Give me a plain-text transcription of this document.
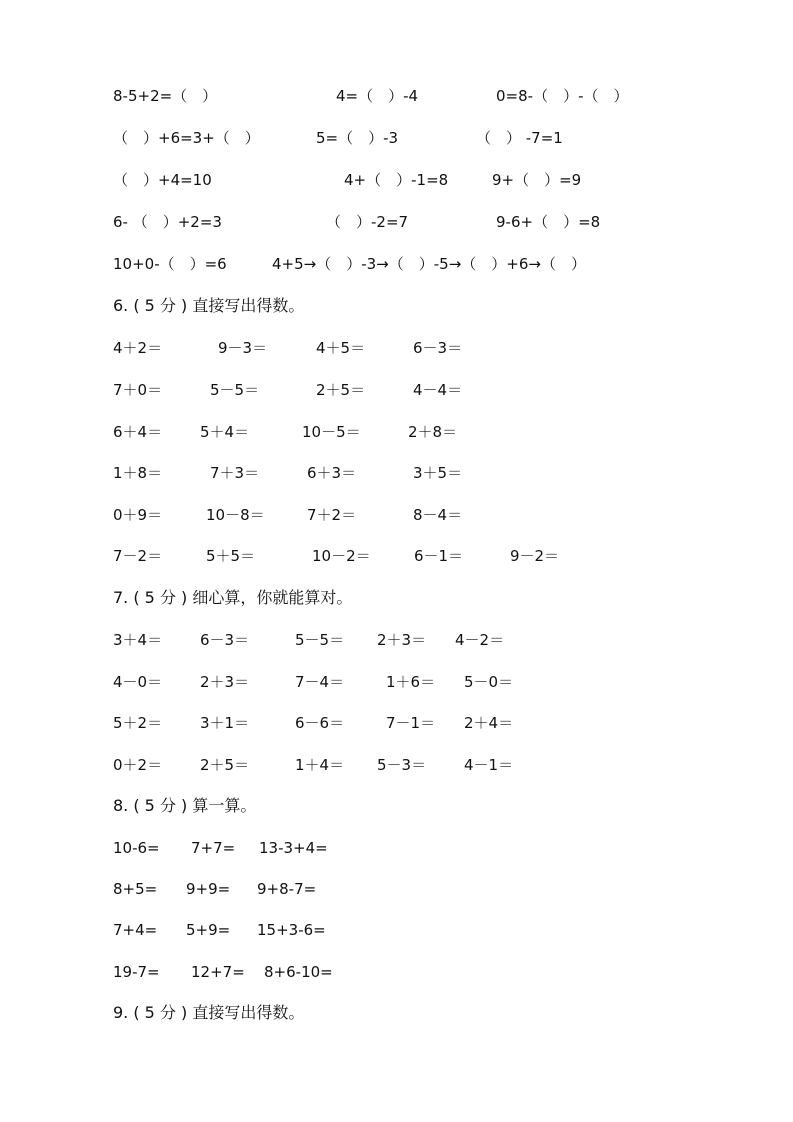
8-5+2=（　）	4=（　）-4	0=8-（　）-（　）
（　）+6=3+（　）	5=（　）-3	（　） -7=1
（　）+4=10	4+（　）-1=8	9+（　）=9
6- （　）+2=3	（　）-2=7	9-6+（　）=8
10+0-（　）=6	4+5→（　）-3→（　）-5→（　）+6→（　）
6. ( 5 分 ) 直接写出得数。
4＋2＝	9－3＝	4＋5＝	6－3＝
7＋0＝	5－5＝	2＋5＝	4－4＝
6＋4＝	5＋4＝	10－5＝	2＋8＝
1＋8＝	7＋3＝	6＋3＝	3＋5＝
0＋9＝	10－8＝	7＋2＝	8－4＝
7－2＝	5＋5＝	10－2＝	6－1＝	9－2＝
7. ( 5 分 ) 细心算，你就能算对。
3＋4＝	6－3＝	5－5＝ 2＋3＝ 4－2＝
4－0＝	2＋3＝	7－4＝	1＋6＝ 5－0＝
5＋2＝	3＋1＝	6－6＝	7－1＝ 2＋4＝
0＋2＝	2＋5＝	1＋4＝ 5－3＝	4－1＝
8. ( 5 分 ) 算一算。
10-6= 7+7= 13-3+4=
8+5= 9+9= 9+8-7=
7+4= 5+9= 15+3-6=
19-7= 12+7= 8+6-10=
9. ( 5 分 ) 直接写出得数。
